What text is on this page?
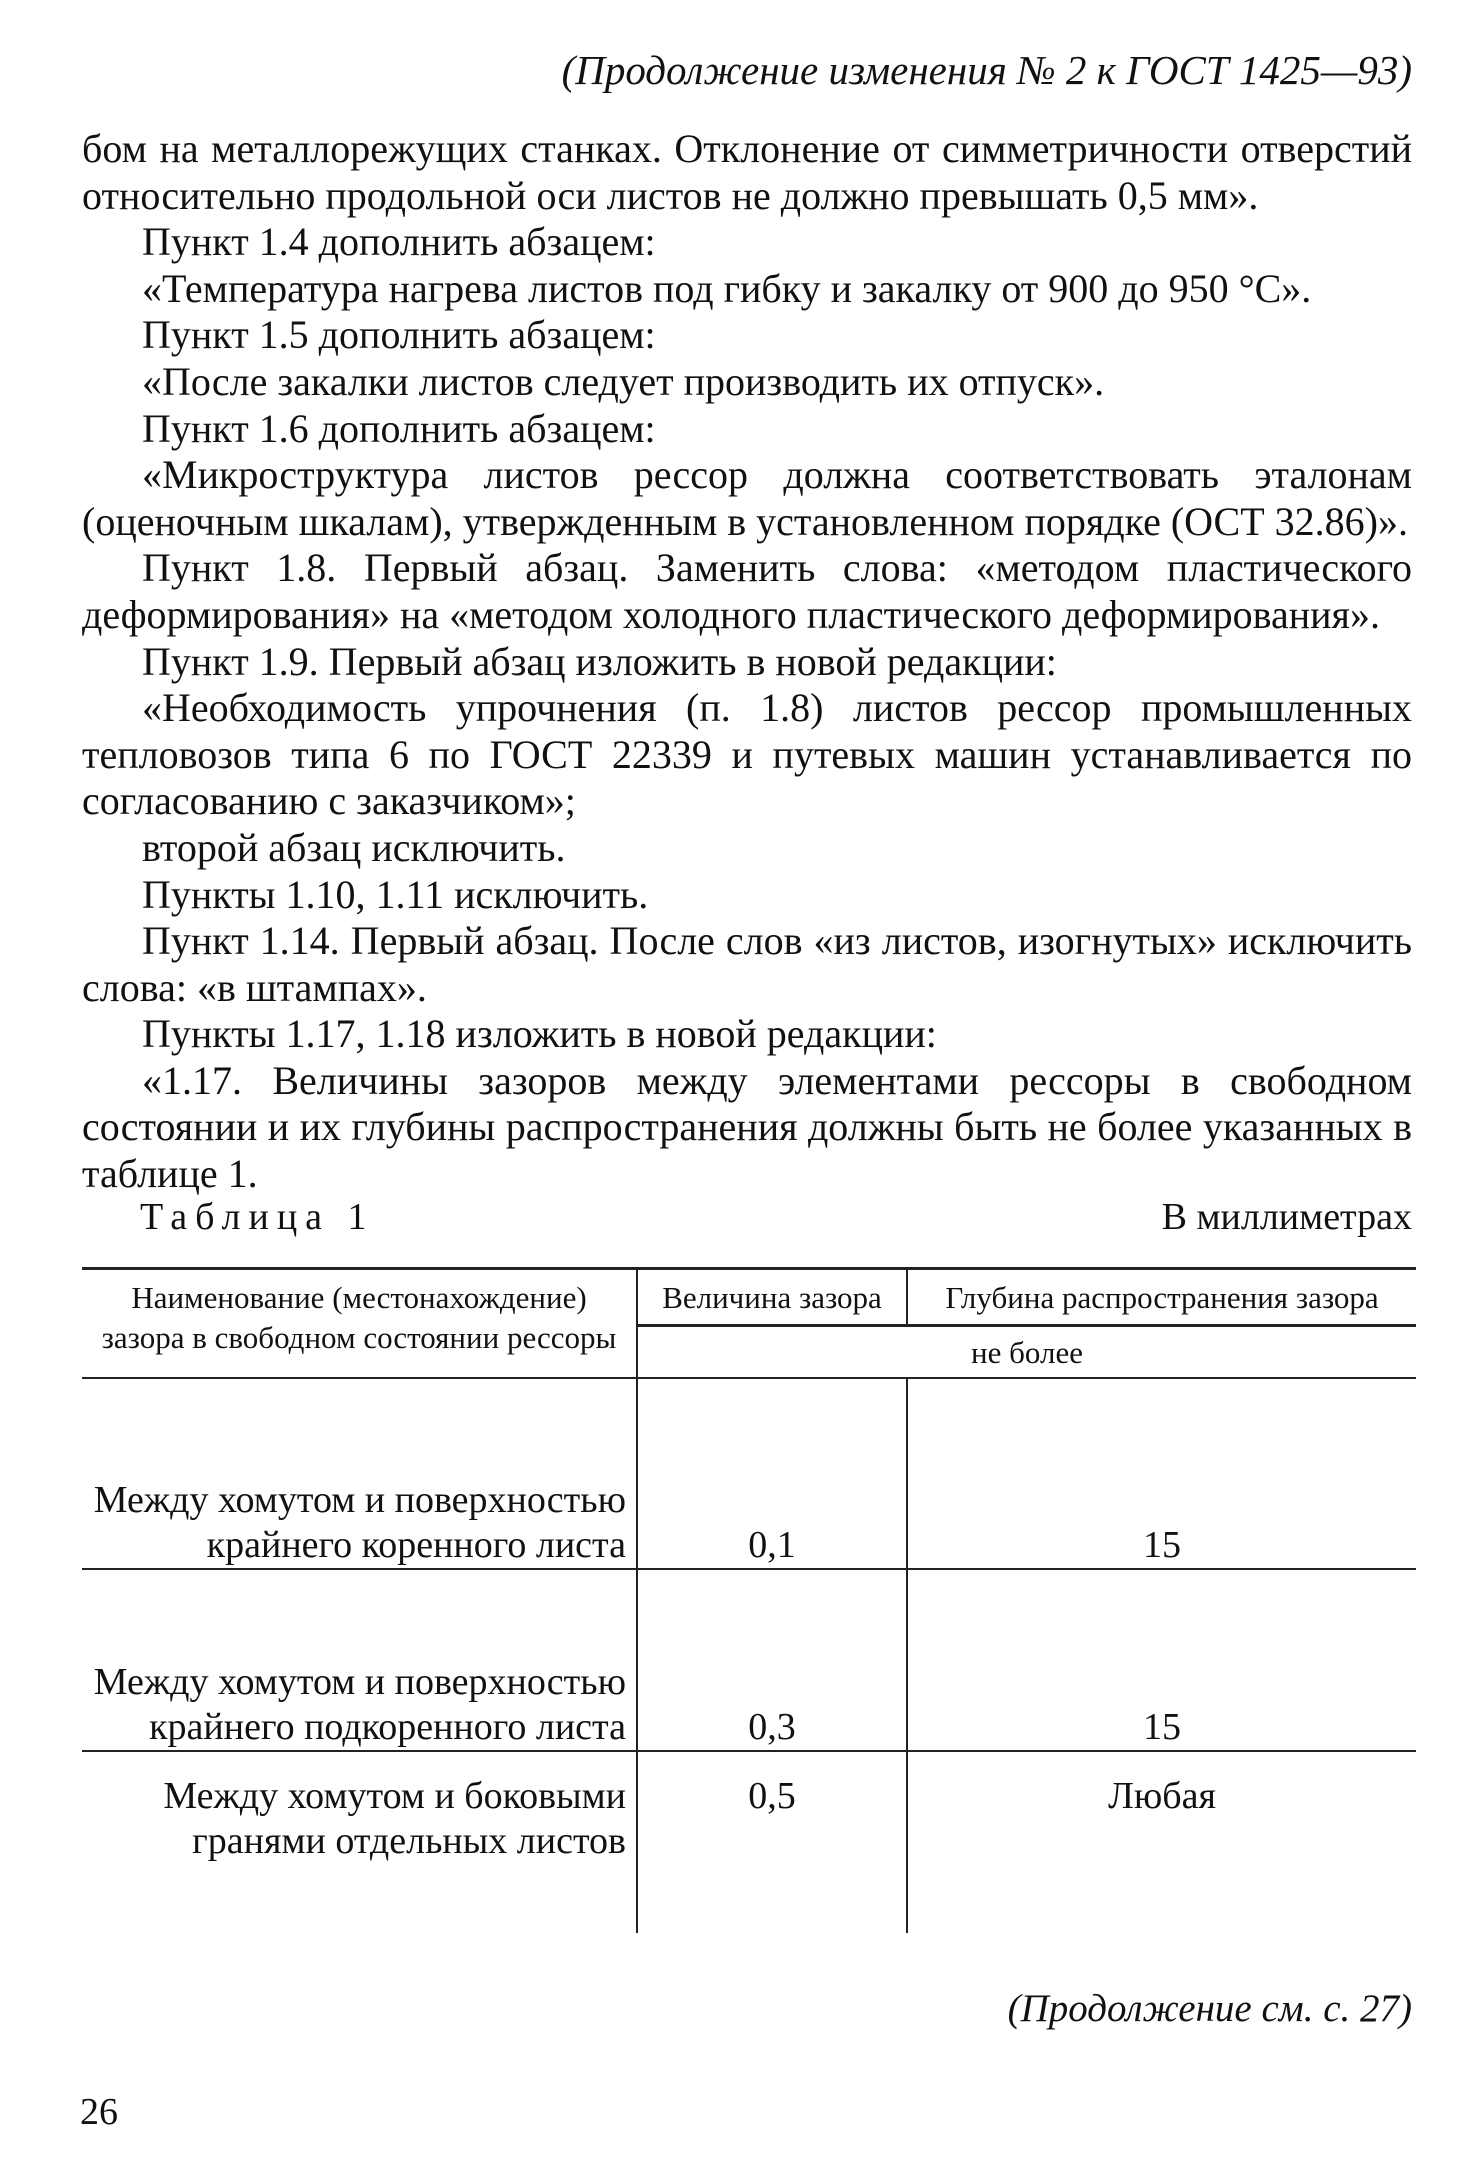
(Продолжение изменения № 2 к ГОСТ 1425—93)

бом на металлорежущих станках. Отклонение от симметричности отверстий относительно продольной оси листов не должно превышать 0,5 мм».

Пункт 1.4 дополнить абзацем:

«Температура нагрева листов под гибку и закалку от 900 до 950 °С».

Пункт 1.5 дополнить абзацем:

«После закалки листов следует производить их отпуск».

Пункт 1.6 дополнить абзацем:

«Микроструктура листов рессор должна соответствовать эталонам (оценочным шкалам), утвержденным в установленном порядке (ОСТ 32.86)».

Пункт 1.8. Первый абзац. Заменить слова: «методом пластического деформирования» на «методом холодного пластического деформирования».

Пункт 1.9. Первый абзац изложить в новой редакции:

«Необходимость упрочнения (п. 1.8) листов рессор промышленных тепловозов типа 6 по ГОСТ 22339 и путевых машин устанавливается по согласованию с заказчиком»;

второй абзац исключить.

Пункты 1.10, 1.11 исключить.

Пункт 1.14. Первый абзац. После слов «из листов, изогнутых» исключить слова: «в штампах».

Пункты 1.17, 1.18 изложить в новой редакции:

«1.17. Величины зазоров между элементами рессоры в свободном состоянии и их глубины распространения должны быть не более указанных в таблице 1.

Таблица 1	В миллиметрах
Наименование (местонахождение) зазора в свободном состоянии рессоры	Величина зазора	Глубина распространения зазора
	не более	
Между хомутом и поверхностью крайнего коренного листа	0,1	15
Между хомутом и поверхностью крайнего подкоренного листа	0,3	15
Между хомутом и боковыми гранями отдельных листов	0,5	Любая

(Продолжение см. с. 27)
26
